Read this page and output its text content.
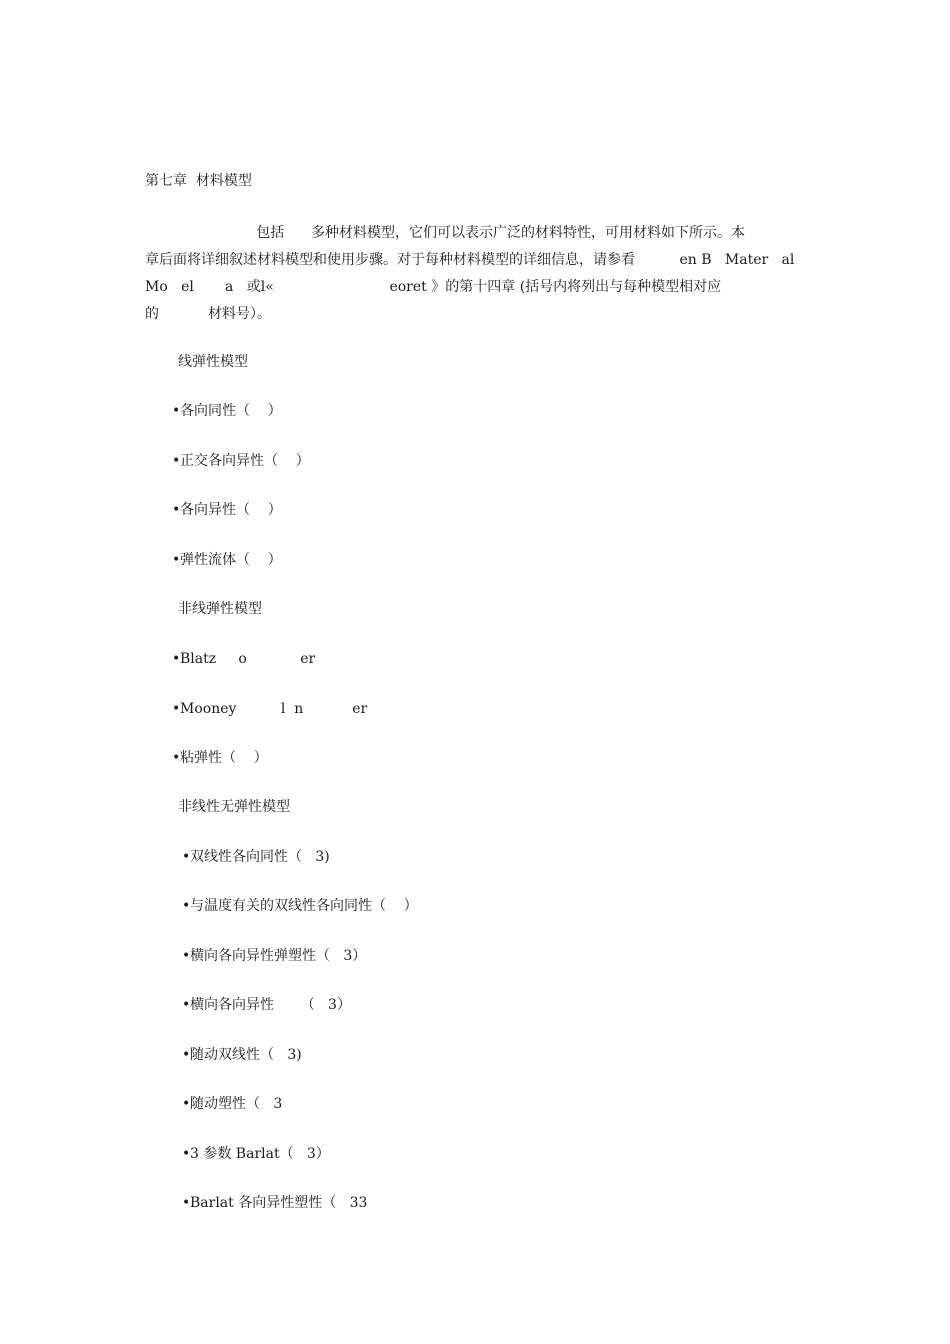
第七章  材料模型
包括      多种材料模型，它们可以表示广泛的材料特性，可用材料如下所示。本
章后面将详细叙述材料模型和使用步骤。对于每种材料模型的详细信息，请参看          en B   Mater   al
Mo   el       a   或l«                          eoret 》的第十四章 (括号内将列出与每种模型相对应
的           材料号）。
线弹性模型
•各向同性（    ）
•正交各向异性（    ）
•各向异性（    ）
•弹性流体（    ）
非线弹性模型
•Blatz     o            er
•Mooney          l  n           er
•粘弹性（    ）
非线性无弹性模型
•双线性各向同性（   3)
•与温度有关的双线性各向同性（    ）
•横向各向异性弹塑性（   3）
•横向各向异性      （   3）
•随动双线性（   3)
•随动塑性（   3
•3 参数 Barlat（   3）
•Barlat 各向异性塑性（   33
